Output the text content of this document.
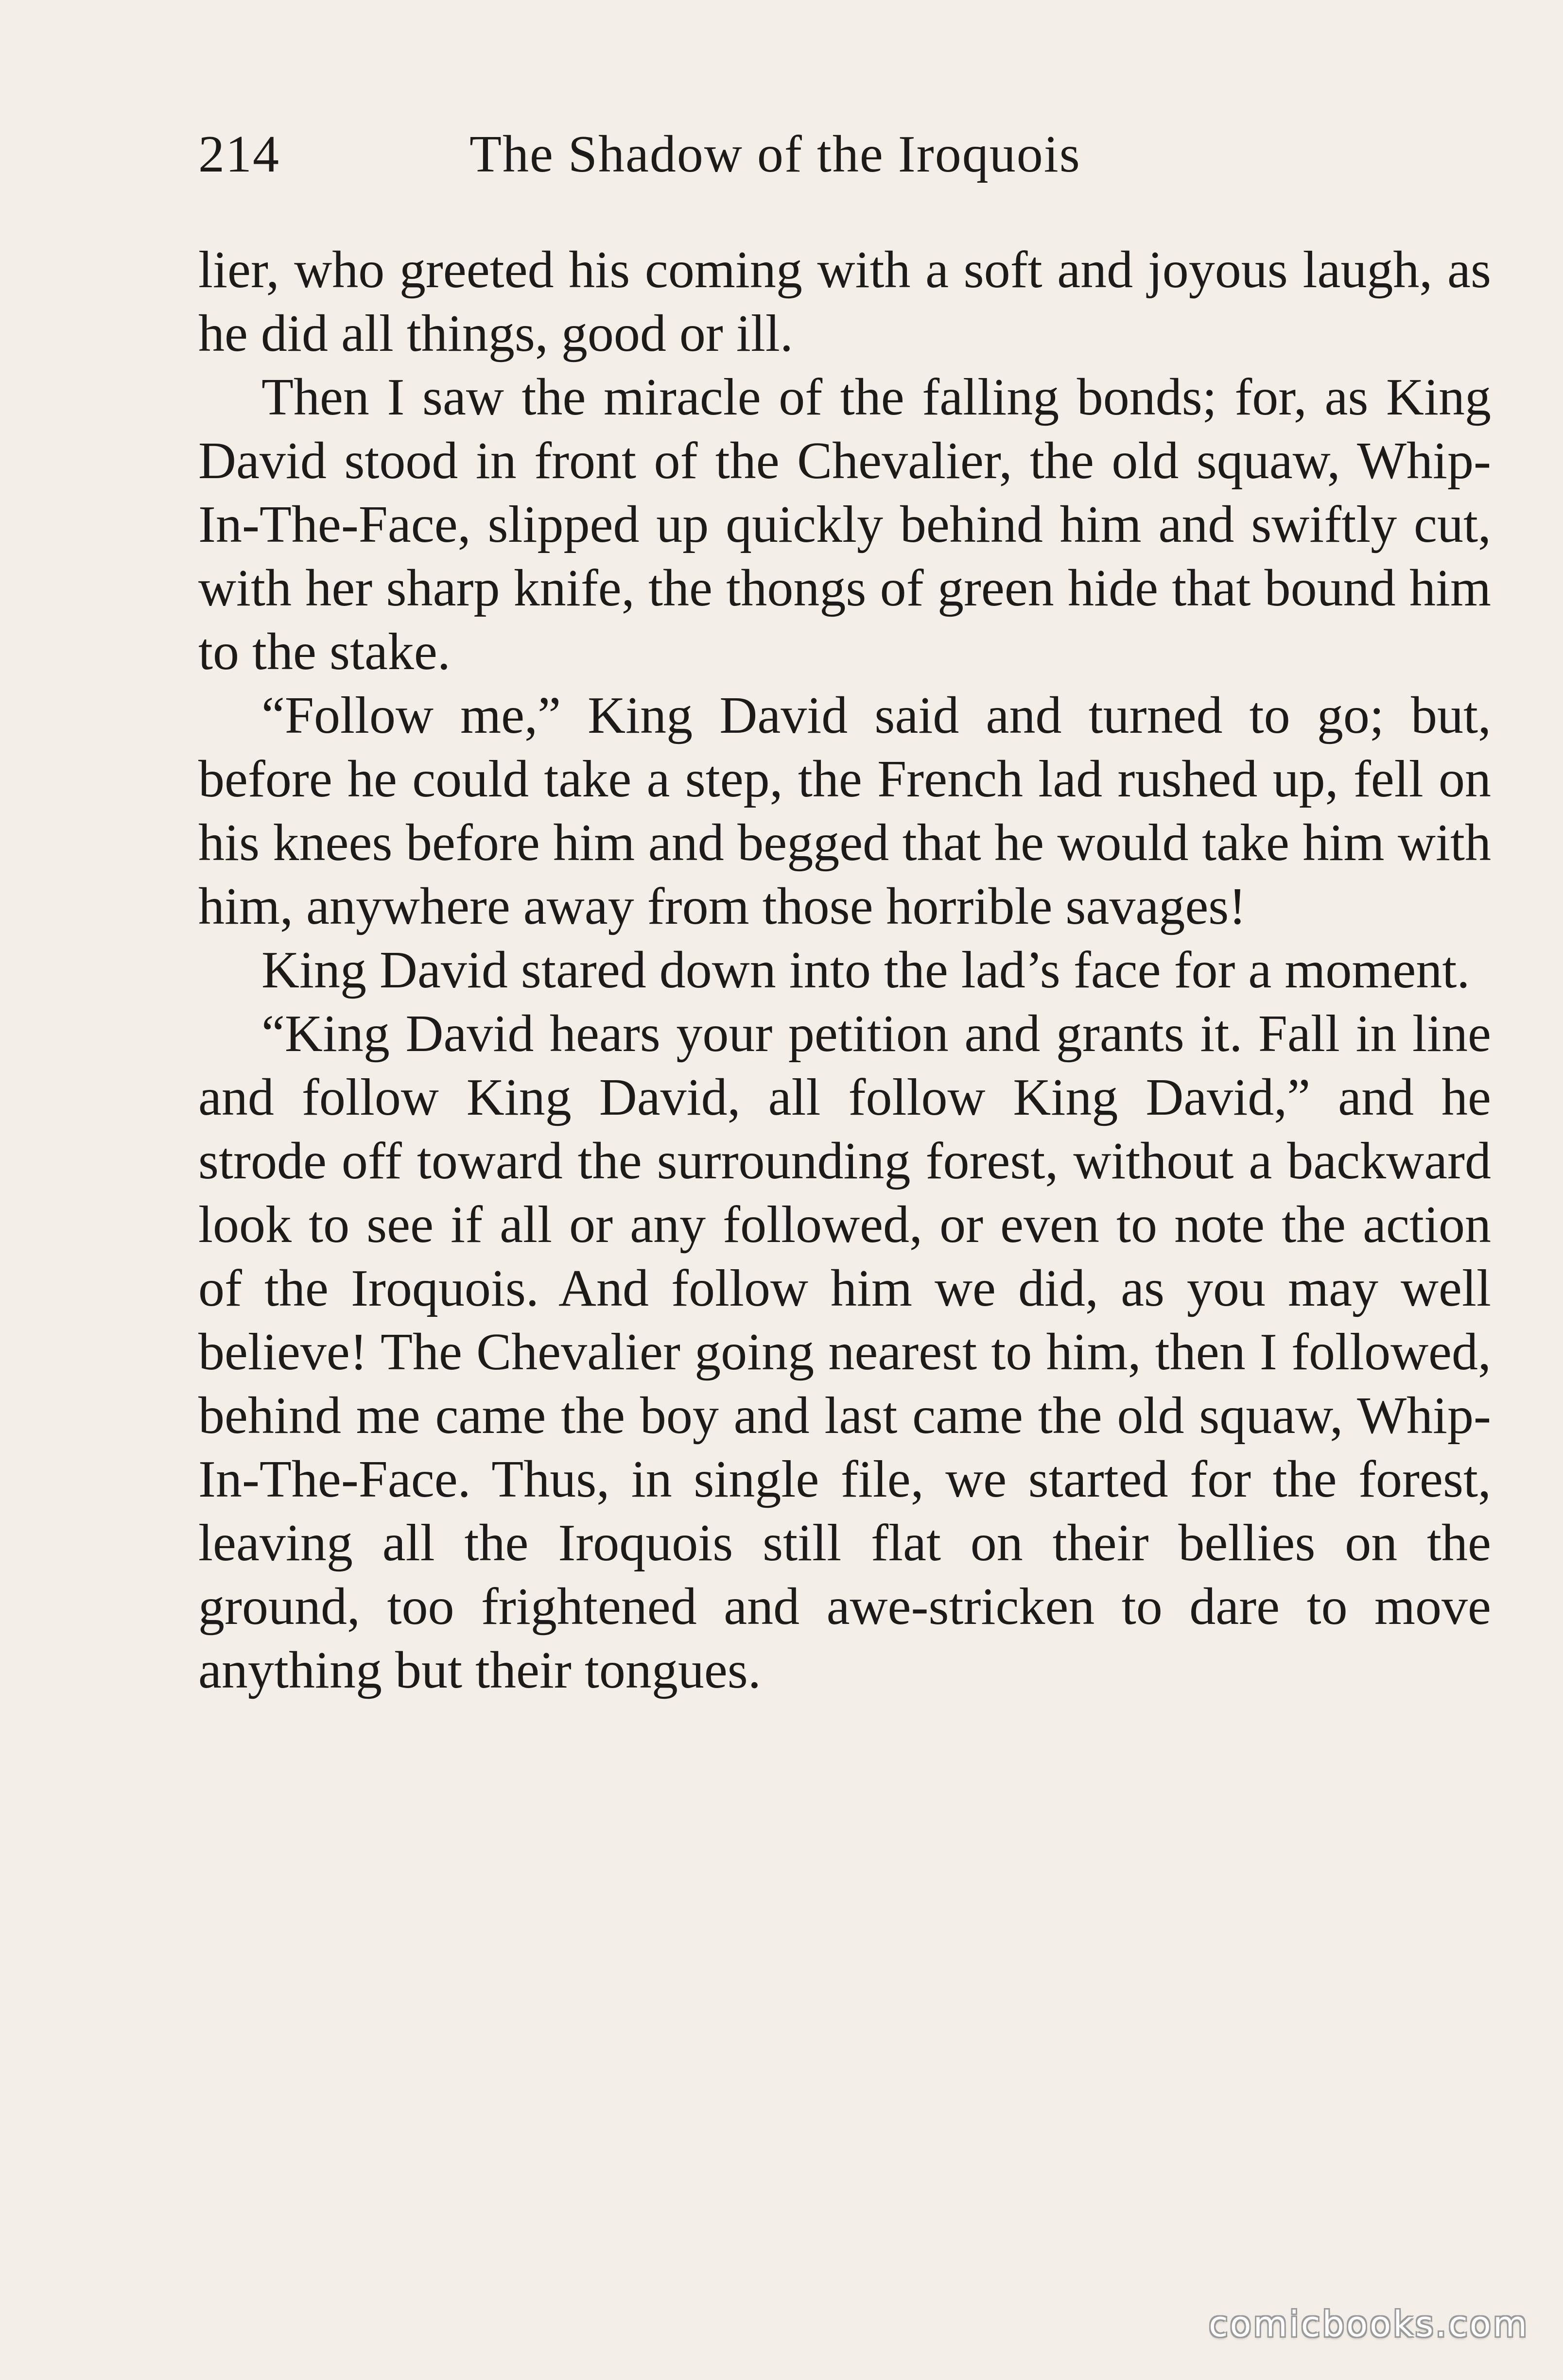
214	The Shadow of the Iroquois

lier, who greeted his coming with a soft and joyous laugh, as he did all things, good or ill.

Then I saw the miracle of the falling bonds; for, as King David stood in front of the Chevalier, the old squaw, Whip-In-The-Face, slipped up quickly behind him and swiftly cut, with her sharp knife, the thongs of green hide that bound him to the stake.

“Follow me,” King David said and turned to go; but, before he could take a step, the French lad rushed up, fell on his knees before him and begged that he would take him with him, anywhere away from those horrible savages!

King David stared down into the lad’s face for a moment.

“King David hears your petition and grants it. Fall in line and follow King David, all follow King David,” and he strode off toward the surrounding forest, without a backward look to see if all or any followed, or even to note the action of the Iroquois. And follow him we did, as you may well believe! The Chevalier going nearest to him, then I followed, behind me came the boy and last came the old squaw, Whip-In-The-Face. Thus, in single file, we started for the forest, leaving all the Iroquois still flat on their bellies on the ground, too frightened and awe-stricken to dare to move anything but their tongues.

comicbooks.com
